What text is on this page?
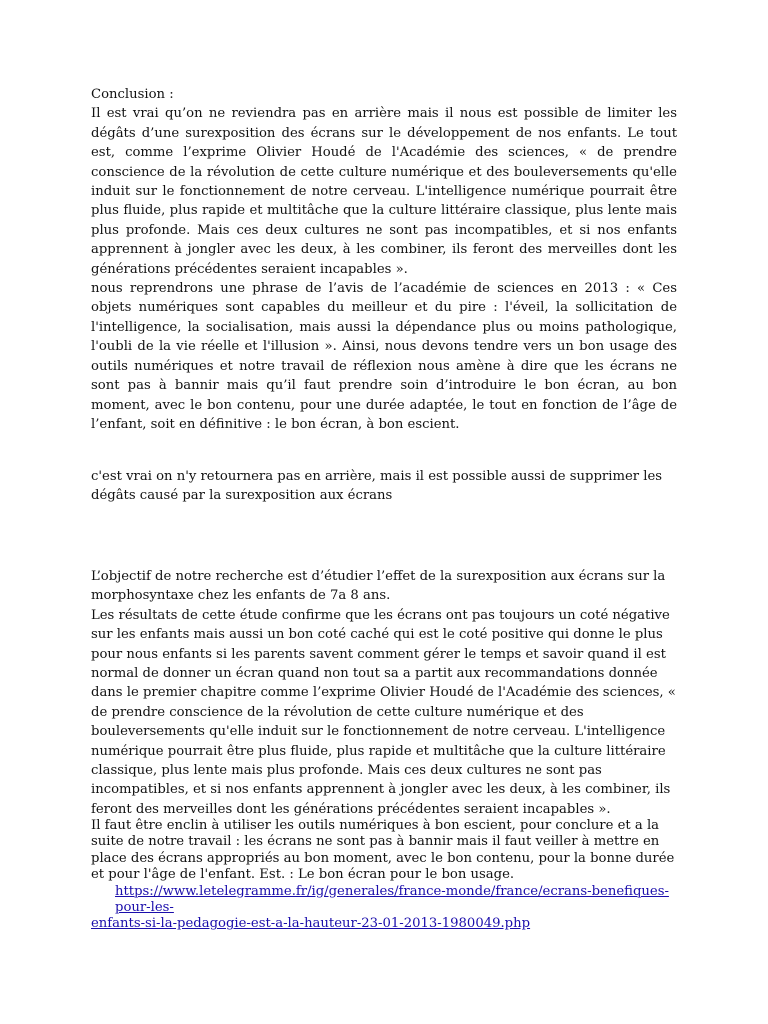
Conclusion :

Il est vrai qu’on ne reviendra pas en arrière mais il nous est possible de limiter les dégâts d’une surexposition des écrans sur le développement de nos enfants. Le tout est, comme l’exprime Olivier Houdé de l'Académie des sciences, « de prendre conscience de la révolution de cette culture numérique et des bouleversements qu'elle induit sur le fonctionnement de notre cerveau. L'intelligence numérique pourrait être plus fluide, plus rapide et multitâche que la culture littéraire classique, plus lente mais plus profonde. Mais ces deux cultures ne sont pas incompatibles, et si nos enfants apprennent à jongler avec les deux, à les combiner, ils feront des merveilles dont les générations précédentes seraient incapables ».

nous reprendrons une phrase de l’avis de l’académie de sciences en 2013 : « Ces objets numériques sont capables du meilleur et du pire : l'éveil, la sollicitation de l'intelligence, la socialisation, mais aussi la dépendance plus ou moins pathologique, l'oubli de la vie réelle et l'illusion ». Ainsi, nous devons tendre vers un bon usage des outils numériques et notre travail de réflexion nous amène à dire que les écrans ne sont pas à bannir mais qu’il faut prendre soin d’introduire le bon écran, au bon moment, avec le bon contenu, pour une durée adaptée, le tout en fonction de l’âge de l’enfant, soit en définitive : le bon écran, à bon escient.

c'est vrai on n'y retournera pas en arrière, mais il est possible aussi de supprimer les dégâts causé par la surexposition aux écrans

L’objectif de notre recherche est d’étudier l’effet de la surexposition aux écrans sur la morphosyntaxe chez les enfants de 7a 8 ans.

Les résultats de cette étude confirme que les écrans ont pas toujours un coté négative sur les enfants mais aussi un bon coté caché qui est le coté positive qui donne le plus pour nous enfants si les parents savent comment gérer le temps et savoir quand il est normal de donner un écran quand non tout sa a partit aux recommandations donnée dans le premier chapitre comme l’exprime Olivier Houdé de l'Académie des sciences, « de prendre conscience de la révolution de cette culture numérique et des bouleversements qu'elle induit sur le fonctionnement de notre cerveau. L'intelligence numérique pourrait être plus fluide, plus rapide et multitâche que la culture littéraire classique, plus lente mais plus profonde. Mais ces deux cultures ne sont pas incompatibles, et si nos enfants apprennent à jongler avec les deux, à les combiner, ils feront des merveilles dont les générations précédentes seraient incapables ».

Il faut être enclin à utiliser les outils numériques à bon escient, pour conclure et a la suite de notre travail : les écrans ne sont pas à bannir mais il faut veiller à mettre en place des écrans appropriés au bon moment, avec le bon contenu, pour la bonne durée et pour l'âge de l'enfant. Est. : Le bon écran pour le bon usage.

https://www.letelegramme.fr/ig/generales/france-monde/france/ecrans-benefiques-pour-les-

enfants-si-la-pedagogie-est-a-la-hauteur-23-01-2013-1980049.php
